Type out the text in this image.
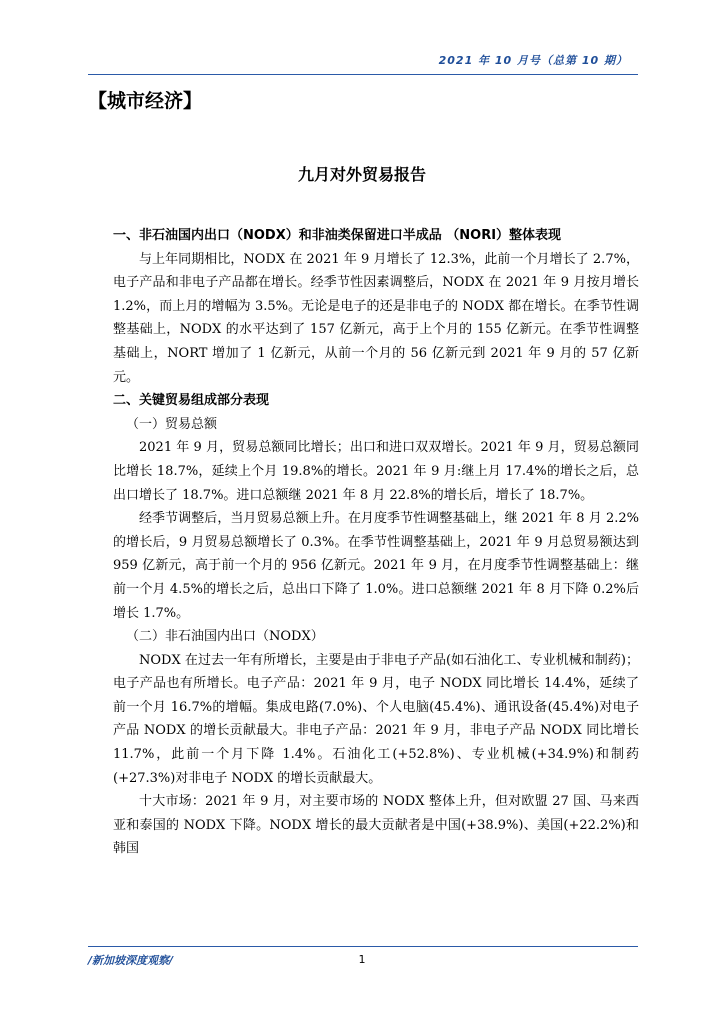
2021 年 10 月号（总第 10 期）
【城市经济】
九月对外贸易报告

一、非石油国内出口（NODX）和非油类保留进口半成品 （NORI）整体表现

与上年同期相比，NODX 在 2021 年 9 月增长了 12.3%，此前一个月增长了 2.7%，电子产品和非电子产品都在增长。经季节性因素调整后，NODX 在 2021 年 9 月按月增长 1.2%，而上月的增幅为 3.5%。无论是电子的还是非电子的 NODX 都在增长。在季节性调整基础上，NODX 的水平达到了 157 亿新元，高于上个月的 155 亿新元。在季节性调整基础上，NORT 增加了 1 亿新元，从前一个月的 56 亿新元到 2021 年 9 月的 57 亿新元。

二、关键贸易组成部分表现

（一）贸易总额

2021 年 9 月，贸易总额同比增长；出口和进口双双增长。2021 年 9 月，贸易总额同比增长 18.7%，延续上个月 19.8%的增长。2021 年 9 月:继上月 17.4%的增长之后，总出口增长了 18.7%。进口总额继 2021 年 8 月 22.8%的增长后，增长了 18.7%。

经季节调整后，当月贸易总额上升。在月度季节性调整基础上，继 2021 年 8 月 2.2%的增长后，9 月贸易总额增长了 0.3%。在季节性调整基础上，2021 年 9 月总贸易额达到 959 亿新元，高于前一个月的 956 亿新元。2021 年 9 月，在月度季节性调整基础上：继前一个月 4.5%的增长之后，总出口下降了 1.0%。进口总额继 2021 年 8 月下降 0.2%后增长 1.7%。

（二）非石油国内出口（NODX）

NODX 在过去一年有所增长，主要是由于非电子产品(如石油化工、专业机械和制药)；电子产品也有所增长。电子产品：2021 年 9 月，电子 NODX 同比增长 14.4%，延续了前一个月 16.7%的增幅。集成电路(7.0%)、个人电脑(45.4%)、通讯设备(45.4%)对电子产品 NODX 的增长贡献最大。非电子产品：2021 年 9 月，非电子产品 NODX 同比增长 11.7%，此前一个月下降 1.4%。石油化工(+52.8%)、专业机械(+34.9%)和制药(+27.3%)对非电子 NODX 的增长贡献最大。

十大市场：2021 年 9 月，对主要市场的 NODX 整体上升，但对欧盟 27 国、马来西亚和泰国的 NODX 下降。NODX 增长的最大贡献者是中国(+38.9%)、美国(+22.2%)和韩国

/新加坡深度观察/	1
